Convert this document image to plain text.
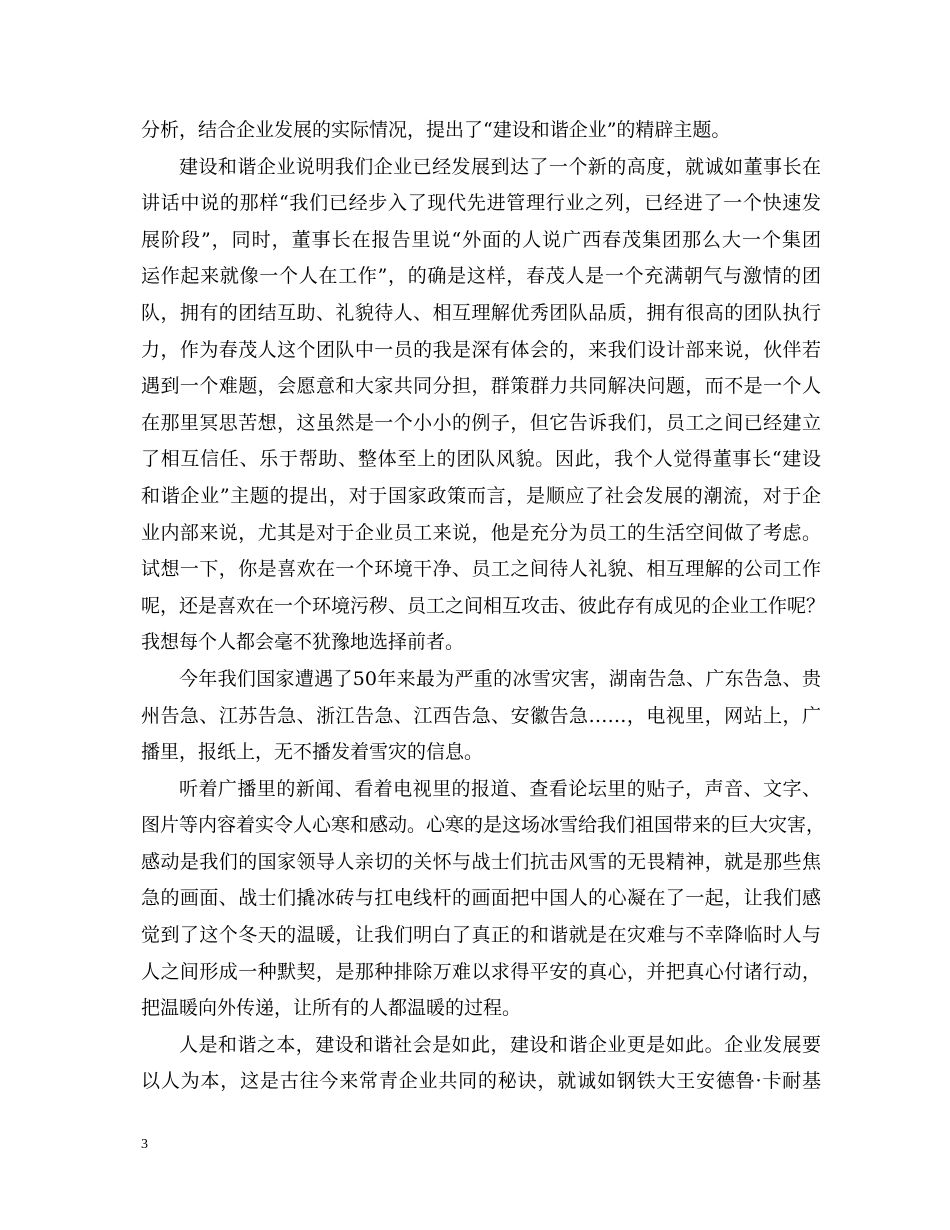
分析，结合企业发展的实际情况，提出了“建设和谐企业”的精辟主题。
建设和谐企业说明我们企业已经发展到达了一个新的高度，就诚如董事长在
讲话中说的那样“我们已经步入了现代先进管理行业之列，已经进了一个快速发
展阶段”，同时，董事长在报告里说“外面的人说广西春茂集团那么大一个集团
运作起来就像一个人在工作”，的确是这样，春茂人是一个充满朝气与激情的团
队，拥有的团结互助、礼貌待人、相互理解优秀团队品质，拥有很高的团队执行
力，作为春茂人这个团队中一员的我是深有体会的，来我们设计部来说，伙伴若
遇到一个难题，会愿意和大家共同分担，群策群力共同解决问题，而不是一个人
在那里冥思苦想，这虽然是一个小小的例子，但它告诉我们，员工之间已经建立
了相互信任、乐于帮助、整体至上的团队风貌。因此，我个人觉得董事长“建设
和谐企业”主题的提出，对于国家政策而言，是顺应了社会发展的潮流，对于企
业内部来说，尤其是对于企业员工来说，他是充分为员工的生活空间做了考虑。
试想一下，你是喜欢在一个环境干净、员工之间待人礼貌、相互理解的公司工作
呢，还是喜欢在一个环境污秽、员工之间相互攻击、彼此存有成见的企业工作呢？
我想每个人都会毫不犹豫地选择前者。
今年我们国家遭遇了50年来最为严重的冰雪灾害，湖南告急、广东告急、贵
州告急、江苏告急、浙江告急、江西告急、安徽告急……，电视里，网站上，广
播里，报纸上，无不播发着雪灾的信息。
听着广播里的新闻、看着电视里的报道、查看论坛里的贴子，声音、文字、
图片等内容着实令人心寒和感动。心寒的是这场冰雪给我们祖国带来的巨大灾害，
感动是我们的国家领导人亲切的关怀与战士们抗击风雪的无畏精神，就是那些焦
急的画面、战士们撬冰砖与扛电线杆的画面把中国人的心凝在了一起，让我们感
觉到了这个冬天的温暖，让我们明白了真正的和谐就是在灾难与不幸降临时人与
人之间形成一种默契，是那种排除万难以求得平安的真心，并把真心付诸行动，
把温暖向外传递，让所有的人都温暖的过程。
人是和谐之本，建设和谐社会是如此，建设和谐企业更是如此。企业发展要
以人为本，这是古往今来常青企业共同的秘诀，就诚如钢铁大王安德鲁·卡耐基
3
